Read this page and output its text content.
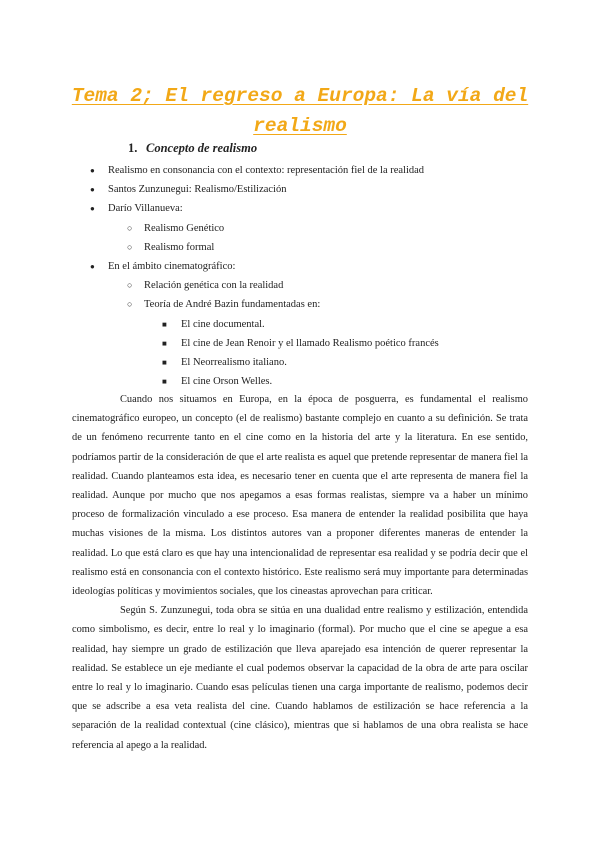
Tema 2; El regreso a Europa: La vía del realismo
1. Concepto de realismo
● Realismo en consonancia con el contexto: representación fiel de la realidad
● Santos Zunzunegui: Realismo/Estilización
● Darío Villanueva:
○ Realismo Genético
○ Realismo formal
● En el ámbito cinematográfico:
○ Relación genética con la realidad
○ Teoría de André Bazin fundamentadas en:
■ El cine documental.
■ El cine de Jean Renoir y el llamado Realismo poético francés
■ El Neorrealismo italiano.
■ El cine Orson Welles.

Cuando nos situamos en Europa, en la época de posguerra, es fundamental el realismo cinematográfico europeo, un concepto (el de realismo) bastante complejo en cuanto a su definición. Se trata de un fenómeno recurrente tanto en el cine como en la historia del arte y la literatura. En ese sentido, podríamos partir de la consideración de que el arte realista es aquel que pretende representar de manera fiel la realidad. Cuando planteamos esta idea, es necesario tener en cuenta que el arte representa de manera fiel la realidad. Aunque por mucho que nos apegamos a esas formas realistas, siempre va a haber un mínimo proceso de formalización vinculado a ese proceso. Esa manera de entender la realidad posibilita que haya muchas visiones de la misma. Los distintos autores van a proponer diferentes maneras de entender la realidad. Lo que está claro es que hay una intencionalidad de representar esa realidad y se podría decir que el realismo está en consonancia con el contexto histórico. Este realismo será muy importante para determinadas ideologías políticas y movimientos sociales, que los cineastas aprovechan para criticar.

Según S. Zunzunegui, toda obra se sitúa en una dualidad entre realismo y estilización, entendida como simbolismo, es decir, entre lo real y lo imaginario (formal). Por mucho que el cine se apegue a esa realidad, hay siempre un grado de estilización que lleva aparejado esa intención de querer representar la realidad. Se establece un eje mediante el cual podemos observar la capacidad de la obra de arte para oscilar entre lo real y lo imaginario. Cuando esas películas tienen una carga importante de realismo, podemos decir que se adscribe a esa veta realista del cine. Cuando hablamos de estilización se hace referencia a la separación de la realidad contextual (cine clásico), mientras que si hablamos de una obra realista se hace referencia al apego a la realidad.
